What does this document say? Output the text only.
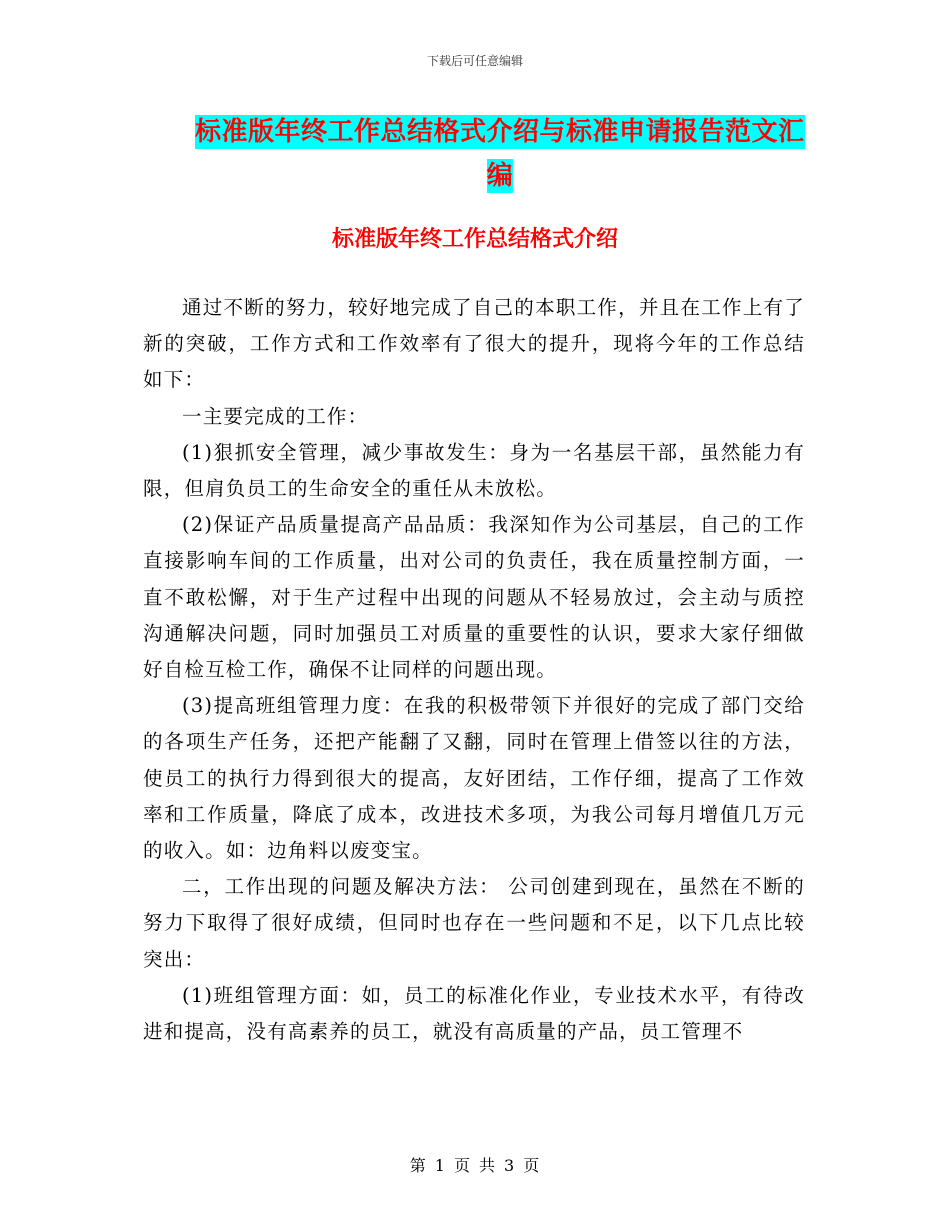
下载后可任意编辑
标准版年终工作总结格式介绍与标准申请报告范文汇
编
标准版年终工作总结格式介绍

通过不断的努力，较好地完成了自己的本职工作，并且在工作上有了新的突破，工作方式和工作效率有了很大的提升，现将今年的工作总结如下：

一主要完成的工作：

(1)狠抓安全管理，减少事故发生：身为一名基层干部，虽然能力有限，但肩负员工的生命安全的重任从未放松。

(2)保证产品质量提高产品品质：我深知作为公司基层，自己的工作直接影响车间的工作质量，出对公司的负责任，我在质量控制方面，一直不敢松懈，对于生产过程中出现的问题从不轻易放过，会主动与质控沟通解决问题，同时加强员工对质量的重要性的认识，要求大家仔细做好自检互检工作，确保不让同样的问题出现。

(3)提高班组管理力度：在我的积极带领下并很好的完成了部门交给的各项生产任务，还把产能翻了又翻，同时在管理上借签以往的方法，使员工的执行力得到很大的提高，友好团结，工作仔细，提高了工作效率和工作质量，降底了成本，改进技术多项，为我公司每月增值几万元的收入。如：边角料以废变宝。

二，工作出现的问题及解决方法： 公司创建到现在，虽然在不断的努力下取得了很好成绩，但同时也存在一些问题和不足，以下几点比较突出：

(1)班组管理方面：如，员工的标准化作业，专业技术水平，有待改进和提高，没有高素养的员工，就没有高质量的产品，员工管理不

第 1 页 共 3 页
